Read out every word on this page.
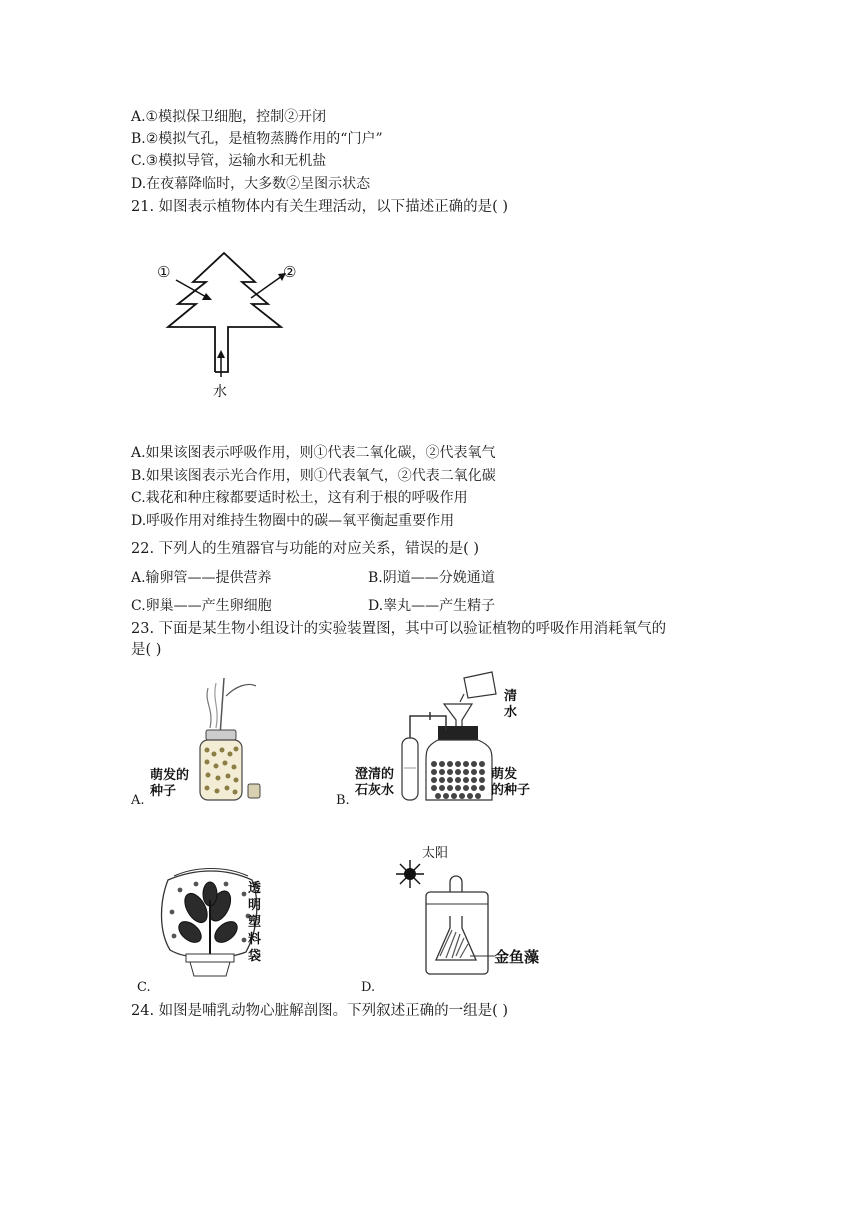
A.①模拟保卫细胞，控制②开闭
B.②模拟气孔，是植物蒸腾作用的“门户”
C.③模拟导管，运输水和无机盐
D.在夜幕降临时，大多数②呈图示状态
21. 如图表示植物体内有关生理活动，以下描述正确的是( )
①	②
水
A.如果该图表示呼吸作用，则①代表二氧化碳，②代表氧气
B.如果该图表示光合作用，则①代表氧气，②代表二氧化碳
C.栽花和种庄稼都要适时松土，这有利于根的呼吸作用
D.呼吸作用对维持生物圈中的碳—氧平衡起重要作用
22. 下列人的生殖器官与功能的对应关系，错误的是( )
A.输卵管——提供营养	B.阴道——分娩通道
C.卵巢——产生卵细胞	D.睾丸——产生精子
23. 下面是某生物小组设计的实验装置图，其中可以验证植物的呼吸作用消耗氧气的
是( )
萌发的
种子
A.
清
水
澄清的
石灰水
萌发
的种子
B.
透
明
塑
料
袋
C.
太阳
金鱼藻
D.
24. 如图是哺乳动物心脏解剖图。下列叙述正确的一组是( )
